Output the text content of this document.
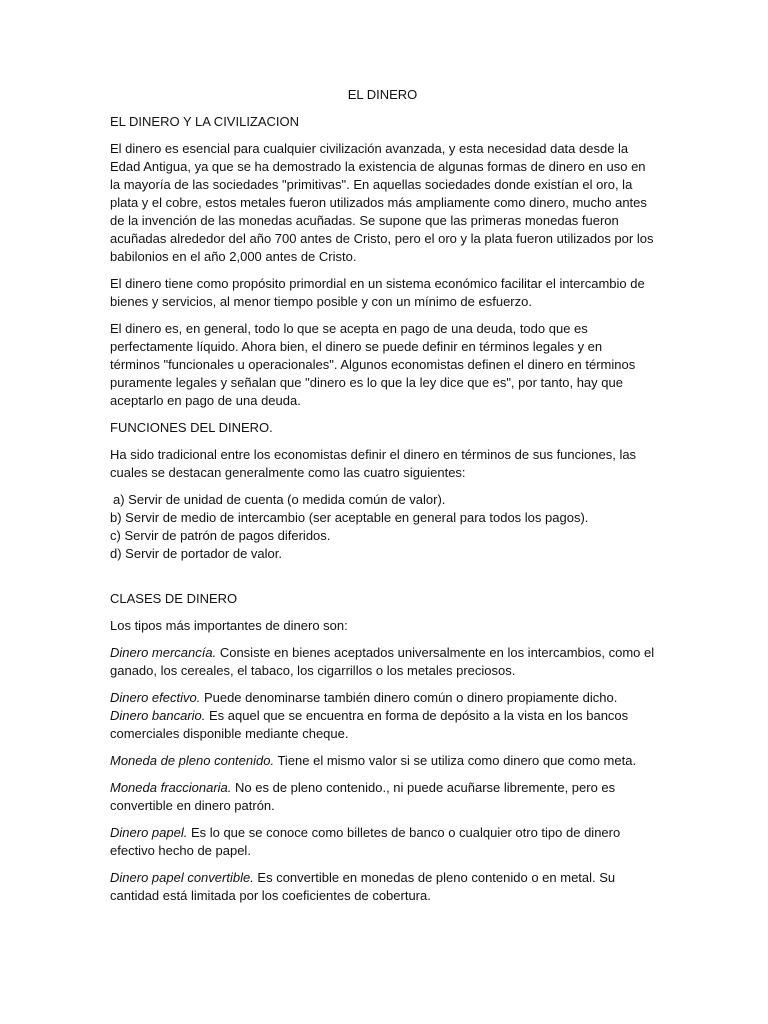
EL DINERO
EL DINERO Y LA CIVILIZACION

El dinero es esencial para cualquier civilización avanzada, y esta necesidad data desde la Edad Antigua, ya que se ha demostrado la existencia de algunas formas de dinero en uso en la mayoría de las sociedades "primitivas". En aquellas sociedades donde existían el oro, la plata y el cobre, estos metales fueron utilizados más ampliamente como dinero, mucho antes de la invención de las monedas acuñadas. Se supone que las primeras monedas fueron acuñadas alrededor del año 700 antes de Cristo, pero el oro y la plata fueron utilizados por los babilonios en el año 2,000 antes de Cristo.

El dinero tiene como propósito primordial en un sistema económico facilitar el intercambio de bienes y servicios, al menor tiempo posible y con un mínimo de esfuerzo.

El dinero es, en general, todo lo que se acepta en pago de una deuda, todo que es perfectamente líquido. Ahora bien, el dinero se puede definir en términos legales y en términos "funcionales u operacionales". Algunos economistas definen el dinero en términos puramente legales y señalan que "dinero es lo que la ley dice que es", por tanto, hay que aceptarlo en pago de una deuda.

FUNCIONES DEL DINERO.

Ha sido tradicional entre los economistas definir el dinero en términos de sus funciones, las cuales se destacan generalmente como las cuatro siguientes:

a) Servir de unidad de cuenta (o medida común de valor).
b) Servir de medio de intercambio (ser aceptable en general para todos los pagos).
c) Servir de patrón de pagos diferidos.
d) Servir de portador de valor.
CLASES DE DINERO

Los tipos más importantes de dinero son:

Dinero mercancía. Consiste en bienes aceptados universalmente en los intercambios, como el ganado, los cereales, el tabaco, los cigarrillos o los metales preciosos.

Dinero efectivo. Puede denominarse también dinero común o dinero propiamente dicho.

Dinero bancario. Es aquel que se encuentra en forma de depósito a la vista en los bancos comerciales disponible mediante cheque.

Moneda de pleno contenido. Tiene el mismo valor si se utiliza como dinero que como meta.

Moneda fraccionaria. No es de pleno contenido., ni puede acuñarse libremente, pero es convertible en dinero patrón.

Dinero papel. Es lo que se conoce como billetes de banco o cualquier otro tipo de dinero efectivo hecho de papel.

Dinero papel convertible. Es convertible en monedas de pleno contenido o en metal. Su cantidad está limitada por los coeficientes de cobertura.
